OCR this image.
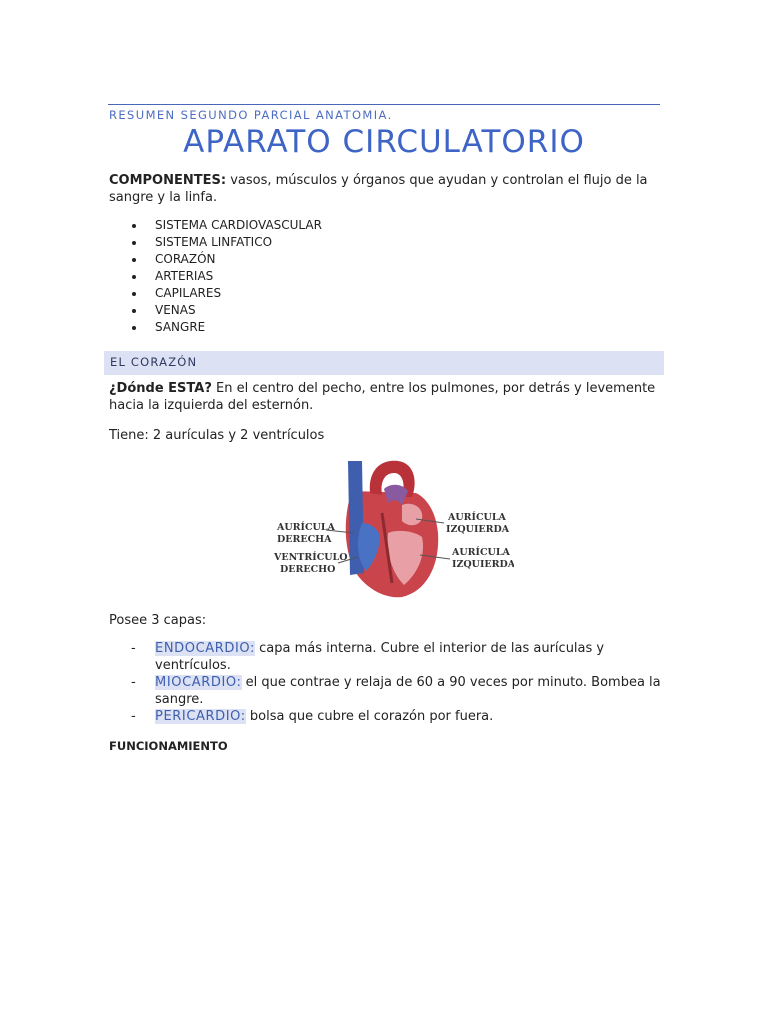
RESUMEN SEGUNDO PARCIAL ANATOMIA.
APARATO CIRCULATORIO
COMPONENTES: vasos, músculos y órganos que ayudan y controlan el flujo de la sangre y la linfa.
SISTEMA CARDIOVASCULAR
SISTEMA LINFATICO
CORAZÓN
ARTERIAS
CAPILARES
VENAS
SANGRE
EL CORAZÓN
¿Dónde ESTA? En el centro del pecho, entre los pulmones, por detrás y levemente hacia la izquierda del esternón.
Tiene: 2 aurículas y 2 ventrículos
AURÍCULA
DERECHA
VENTRÍCULO
DERECHO
AURÍCULA
IZQUIERDA
AURÍCULA
IZQUIERDA
Posee 3 capas:
- ENDOCARDIO: capa más interna. Cubre el interior de las aurículas y ventrículos.
- MIOCARDIO: el que contrae y relaja de 60 a 90 veces por minuto. Bombea la sangre.
- PERICARDIO: bolsa que cubre el corazón por fuera.
FUNCIONAMIENTO
